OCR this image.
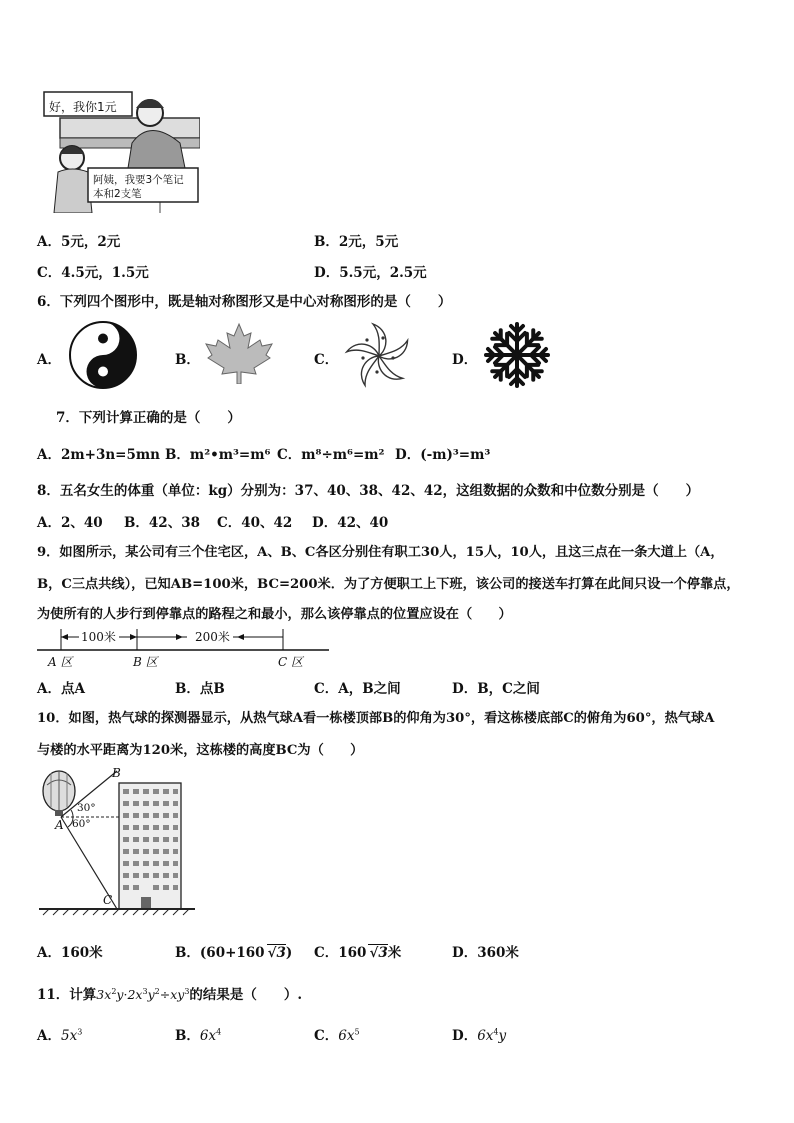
好，我你1元
阿姨，我要3个笔记
本和2支笔
A．5元，2元	B．2元，5元
C．4.5元，1.5元	D．5.5元，2.5元
6．下列四个图形中，既是轴对称图形又是中心对称图形的是（　　）
A．	B．	C．	D．
7．下列计算正确的是（　　）
A．2m+3n=5mn B．m²•m³=m⁶ C．m⁸÷m⁶=m² D．(-m)³=m³
8．五名女生的体重（单位：kg）分别为：37、40、38、42、42，这组数据的众数和中位数分别是（　　）
A．2、40 B．42、38 C．40、42 D．42、40
9．如图所示，某公司有三个住宅区，A、B、C各区分别住有职工30人，15人，10人，且这三点在一条大道上（A，
B，C三点共线），已知AB=100米，BC=200米．为了方便职工上下班，该公司的接送车打算在此间只设一个停靠点，
为使所有的人步行到停靠点的路程之和最小，那么该停靠点的位置应设在（　　）
100米	200米
A 区	B 区	C 区
A．点A	B．点B	C．A，B之间	D．B，C之间
10．如图，热气球的探测器显示，从热气球A看一栋楼顶部B的仰角为30°，看这栋楼底部C的俯角为60°，热气球A
与楼的水平距离为120米，这栋楼的高度BC为（　　）
B
A
C
30°
60°
A．160米	B．(60+160 √3) C．160 √3米	D．360米
11．计算$3x^2y\cdot 2x^3y^2\div xy^3$的结果是（　　）.
A．$5x^3$	B．$6x^4$	C．$6x^5$	D．$6x^4y$
